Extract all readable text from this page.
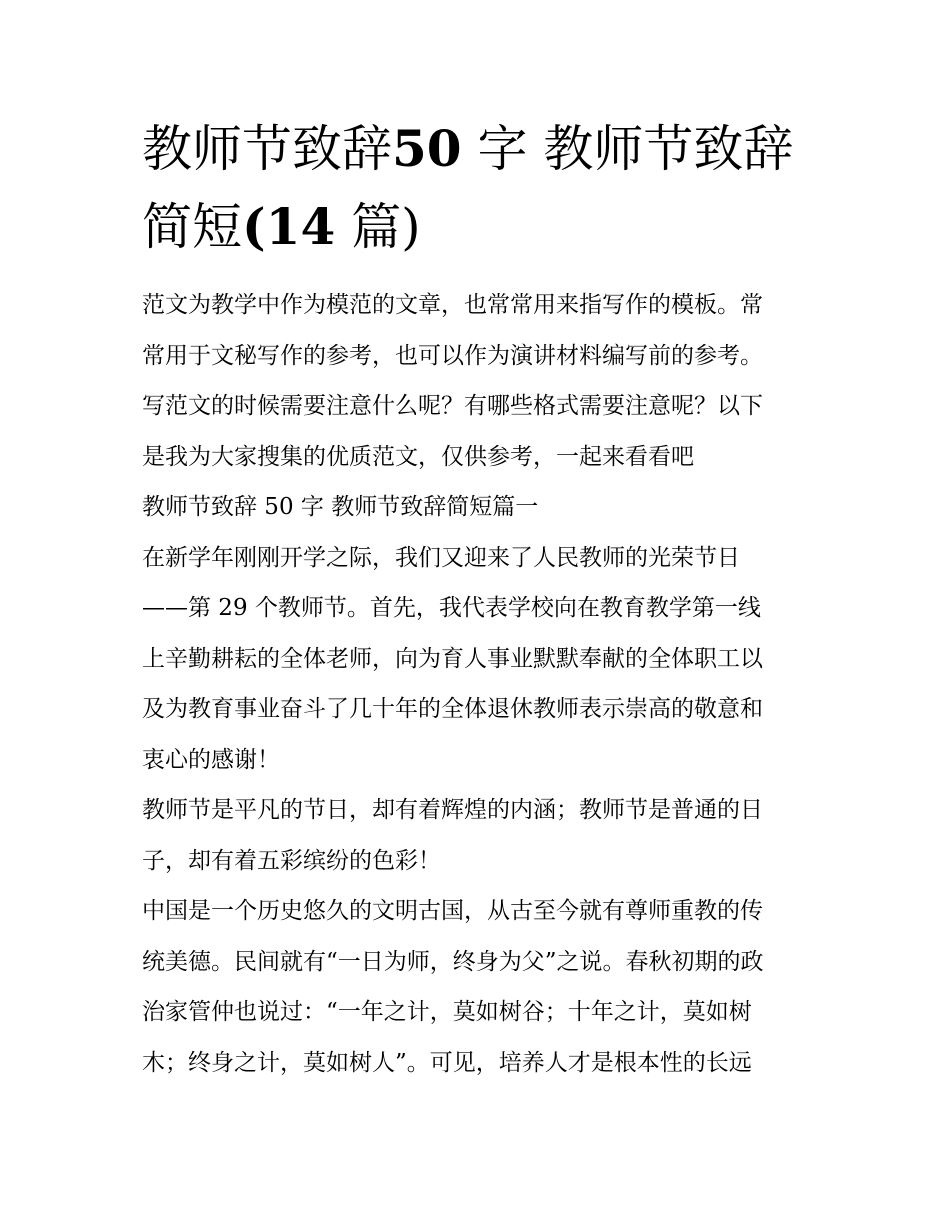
教师节致辞50 字 教师节致辞
简短(14 篇)
范文为教学中作为模范的文章，也常常用来指写作的模板。常
常用于文秘写作的参考，也可以作为演讲材料编写前的参考。
写范文的时候需要注意什么呢？有哪些格式需要注意呢？以下
是我为大家搜集的优质范文，仅供参考，一起来看看吧
教师节致辞 50 字 教师节致辞简短篇一
在新学年刚刚开学之际，我们又迎来了人民教师的光荣节日
——第 29 个教师节。首先，我代表学校向在教育教学第一线
上辛勤耕耘的全体老师，向为育人事业默默奉献的全体职工以
及为教育事业奋斗了几十年的全体退休教师表示崇高的敬意和
衷心的感谢！
教师节是平凡的节日，却有着辉煌的内涵；教师节是普通的日
子，却有着五彩缤纷的色彩！
中国是一个历史悠久的文明古国，从古至今就有尊师重教的传
统美德。民间就有“一日为师，终身为父”之说。春秋初期的政
治家管仲也说过：“一年之计，莫如树谷；十年之计，莫如树
木；终身之计，莫如树人”。可见，培养人才是根本性的长远
